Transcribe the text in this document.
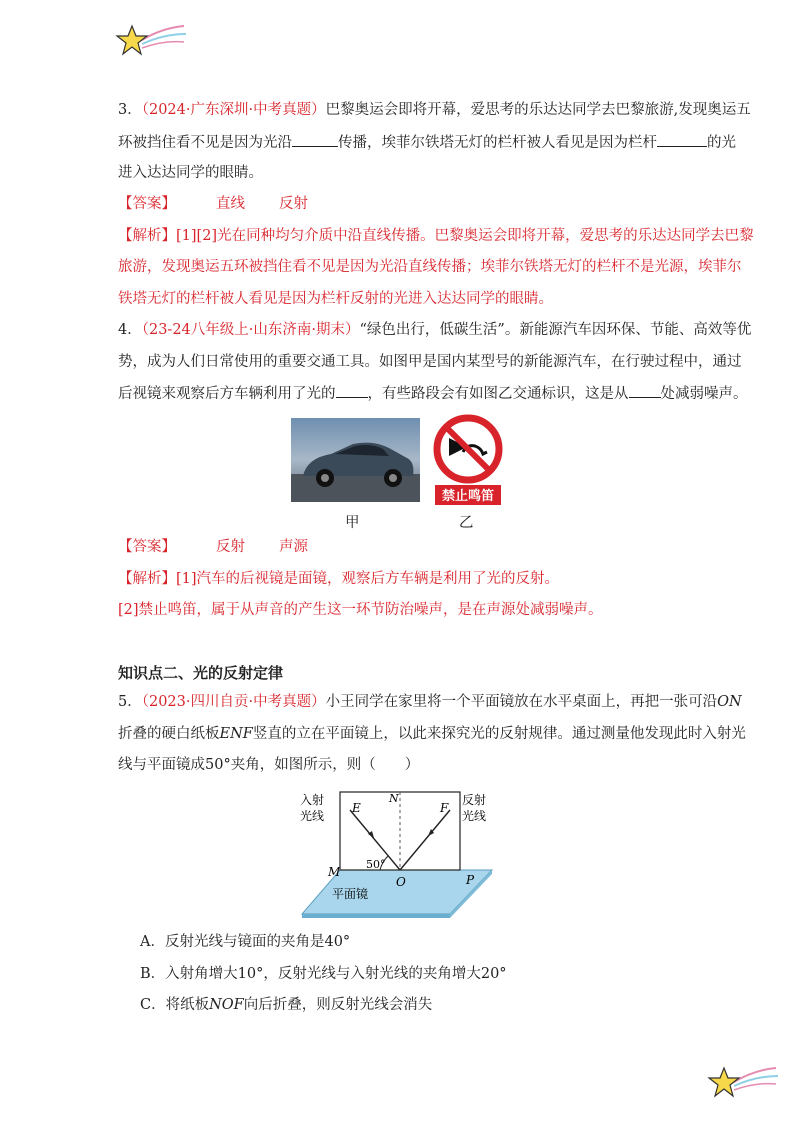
3．（2024·广东深圳·中考真题）巴黎奥运会即将开幕，爱思考的乐达达同学去巴黎旅游,发现奥运五
环被挡住看不见是因为光沿	传播，埃菲尔铁塔无灯的栏杆被人看见是因为栏杆	的光
进入达达同学的眼睛。
【答案】	直线 反射
【解析】[1][2]光在同种均匀介质中沿直线传播。巴黎奥运会即将开幕，爱思考的乐达达同学去巴黎
旅游，发现奥运五环被挡住看不见是因为光沿直线传播；埃菲尔铁塔无灯的栏杆不是光源，埃菲尔
铁塔无灯的栏杆被人看见是因为栏杆反射的光进入达达同学的眼睛。
4．（23-24八年级上·山东济南·期末）“绿色出行，低碳生活”。新能源汽车因环保、节能、高效等优
势，成为人们日常使用的重要交通工具。如图甲是国内某型号的新能源汽车，在行驶过程中，通过
后视镜来观察后方车辆利用了光的 ，有些路段会有如图乙交通标识，这是从 处减弱噪声。
禁止鸣笛
甲	乙
【答案】	反射 声源
【解析】[1]汽车的后视镜是面镜，观察后方车辆是利用了光的反射。
[2]禁止鸣笛，属于从声音的产生这一环节防治噪声，是在声源处减弱噪声。
知识点二、光的反射定律
5．（2023·四川自贡·中考真题）小王同学在家里将一个平面镜放在水平桌面上，再把一张可沿ON
折叠的硬白纸板ENF竖直的立在平面镜上，以此来探究光的反射规律。通过测量他发现此时入射光
线与平面镜成50°夹角，如图所示，则（　　）
入射
光线
反射
光线
E
N
F
M
O	P
50°
平面镜
A．反射光线与镜面的夹角是40°
B．入射角增大10°，反射光线与入射光线的夹角增大20°
C．将纸板NOF向后折叠，则反射光线会消失
